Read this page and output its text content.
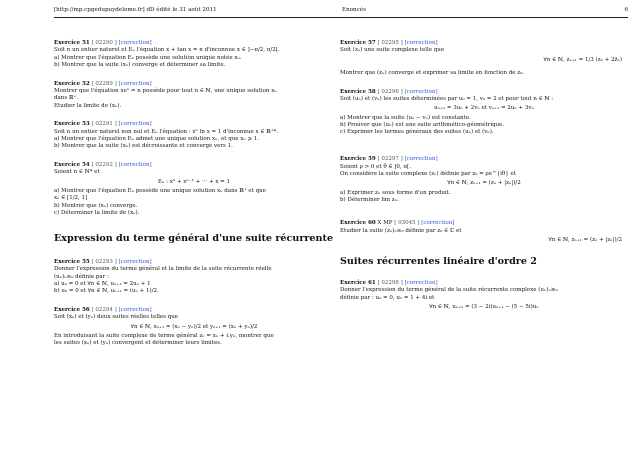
[http://mp.cpgedupuydelome.fr] dD édité le 31 août 2011	Enoncés	6
Exercice 51 [ 02290 ] [correction]
Soit n un entier naturel et Eₙ l'équation x + tan x = n d'inconnue x ∈ ]−π/2, π/2[.
a) Montrer que l'équation Eₙ possède une solution unique notée xₙ.
b) Montrer que la suite (xₙ) converge et déterminer sa limite.
Exercice 52 [ 02289 ] [correction]
Montrer que l'équation xeˣ = n possède pour tout n ∈ ℕ, une unique solution xₙ
dans ℝ⁺.
Etudier la limite de (xₙ).
Exercice 53 [ 02291 ] [correction]
Soit n un entier naturel non nul et Eₙ l'équation : xⁿ ln x = 1 d'inconnue x ∈ ℝ⁺*.
a) Montrer que l'équation Eₙ admet une unique solution xₙ, et que xₙ ⩾ 1.
b) Montrer que la suite (xₙ) est décroissante et converge vers 1.
Exercice 54 [ 02292 ] [correction]
Soient n ∈ ℕ* et
Eₙ : xⁿ + xⁿ⁻¹ + ··· + x = 1
a) Montrer que l'équation Eₙ possède une unique solution xₙ dans ℝ⁺ et que
xₙ ∈ [1/2, 1]
b) Montrer que (xₙ) converge.
c) Déterminer la limite de (xₙ).
Expression du terme général d'une suite récurrente
Exercice 55 [ 02293 ] [correction]
Donner l'expression du terme général et la limite de la suite récurrente réelle
(uₙ)ₙ≥₀ définie par :
a) u₀ = 0 et ∀n ∈ ℕ, uₙ₊₁ = 2uₙ + 1
b) u₀ = 0 et ∀n ∈ ℕ, uₙ₊₁ = (uₙ + 1)/2.
Exercice 56 [ 02294 ] [correction]
Soit (xₙ) et (yₙ) deux suites réelles telles que
∀n ∈ ℕ, xₙ₊₁ = (xₙ − yₙ)/2 et yₙ₊₁ = (xₙ + yₙ)/2
En introduisant la suite complexe de terme général zₙ = xₙ + i.yₙ, montrer que
les suites (xₙ) et (yₙ) convergent et déterminer leurs limites.
Exercice 57 [ 02295 ] [correction]
Soit (zₙ) une suite complexe telle que
∀n ∈ ℕ, zₙ₊₁ = 1/3 (zₙ + 2z̄ₙ)
Montrer que (zₙ) converge et exprimer sa limite en fonction de z₀.
Exercice 58 [ 02296 ] [correction]
Soit (uₙ) et (vₙ) les suites déterminées par u₀ = 1, v₀ = 2 et pour tout n ∈ ℕ :
uₙ₊₁ = 3uₙ + 2vₙ et vₙ₊₁ = 2uₙ + 3vₙ
a) Montrer que la suite (uₙ − vₙ) est constante.
b) Prouver que (uₙ) est une suite arithmético-géométrique.
c) Exprimer les termes généraux des suites (uₙ) et (vₙ).
Exercice 59 [ 02297 ] [correction]
Soient ρ > 0 et θ ∈ ]0, π[.
On considère la suite complexe (zₙ) définie par z₀ = ρe^{iθ} et
∀n ∈ ℕ, zₙ₊₁ = (zₙ + |zₙ|)/2
a) Exprimer zₙ sous forme d'un produit.
b) Déterminer lim zₙ.
Exercice 60 X MP [ 03045 ] [correction]
Etudier la suite (zₙ)ₙ≥₀ définie par z₀ ∈ ℂ et
∀n ∈ ℕ, zₙ₊₁ = (zₙ + |zₙ|)/2
Suites récurrentes linéaire d'ordre 2
Exercice 61 [ 02298 ] [correction]
Donner l'expression du terme général de la suite récurrente complexe (uₙ)ₙ≥₀
définie par : u₀ = 0, u₁ = 1 + 4i et
∀n ∈ ℕ, uₙ₊₂ = (3 − 2i)uₙ₊₁ − (5 − 5i)uₙ
